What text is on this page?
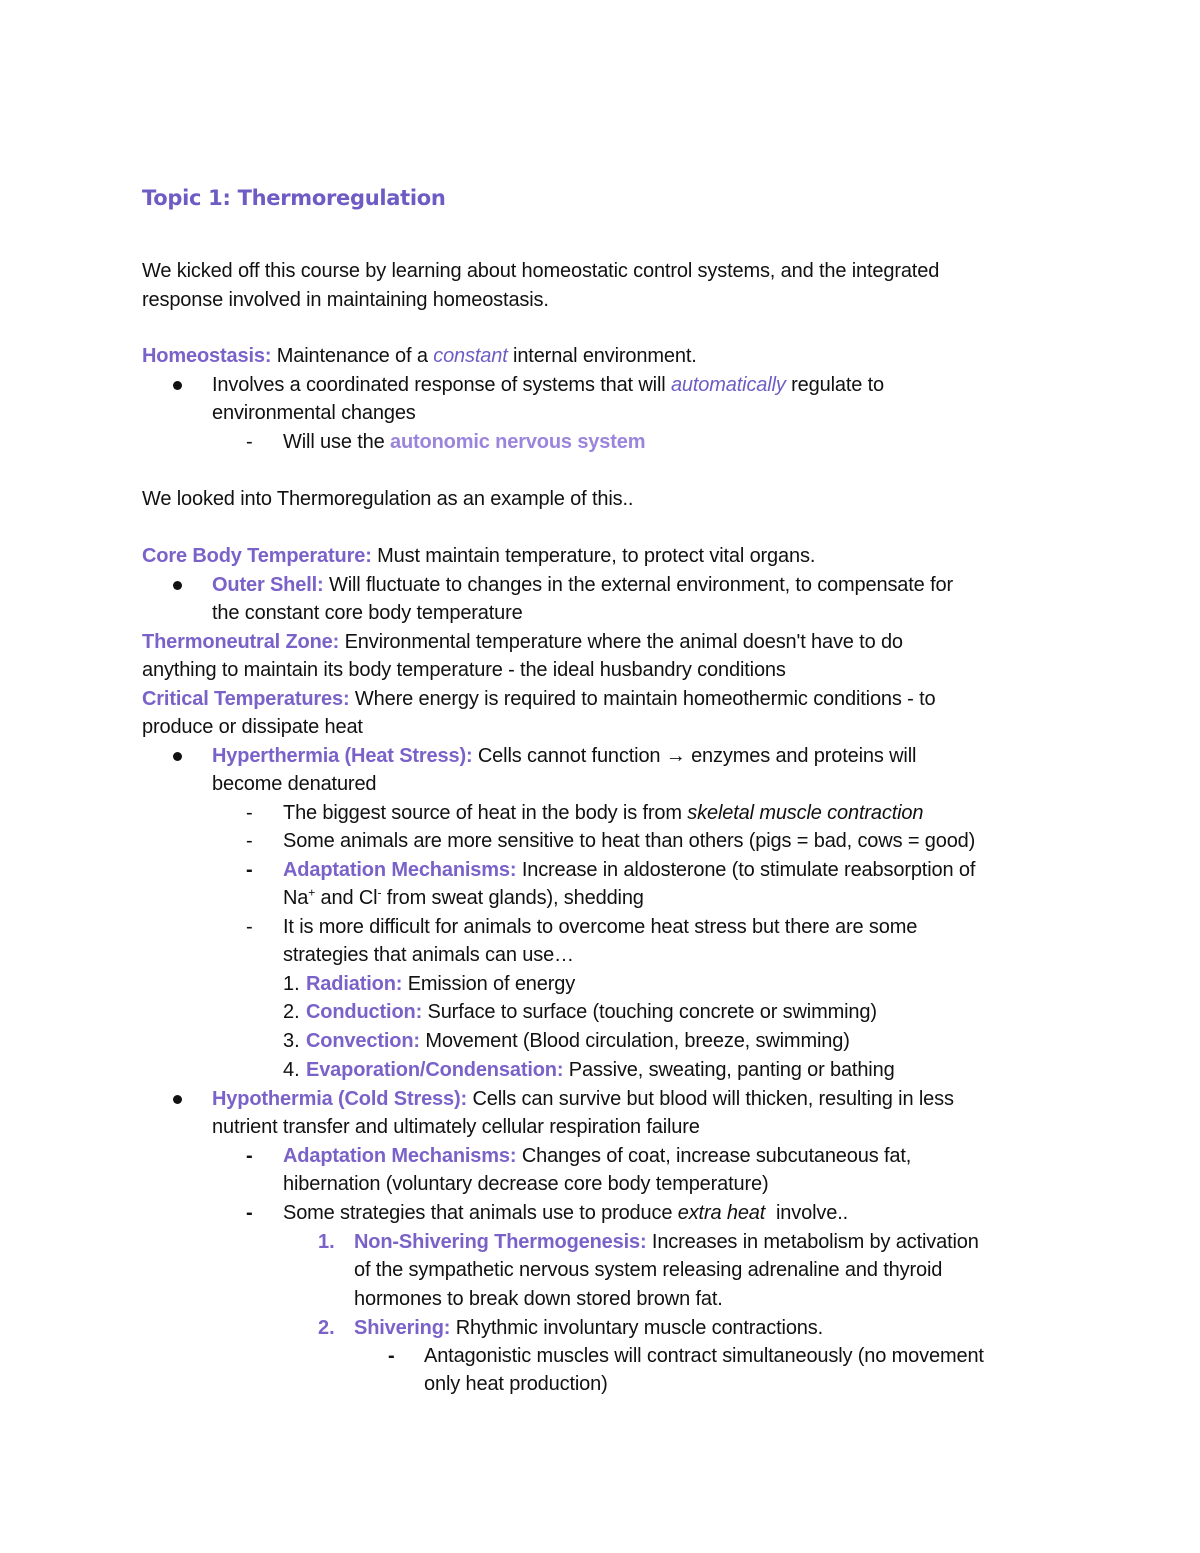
Topic 1: Thermoregulation
We kicked off this course by learning about homeostatic control systems, and the integrated
response involved in maintaining homeostasis.
Homeostasis: Maintenance of a constant internal environment.
Involves a coordinated response of systems that will automatically regulate to
environmental changes
- Will use the autonomic nervous system
We looked into Thermoregulation as an example of this..
Core Body Temperature: Must maintain temperature, to protect vital organs.
Outer Shell: Will fluctuate to changes in the external environment, to compensate for
the constant core body temperature
Thermoneutral Zone: Environmental temperature where the animal doesn't have to do
anything to maintain its body temperature - the ideal husbandry conditions
Critical Temperatures: Where energy is required to maintain homeothermic conditions - to
produce or dissipate heat
Hyperthermia (Heat Stress): Cells cannot function → enzymes and proteins will
become denatured
- The biggest source of heat in the body is from skeletal muscle contraction
- Some animals are more sensitive to heat than others (pigs = bad, cows = good)
- Adaptation Mechanisms: Increase in aldosterone (to stimulate reabsorption of
Na+ and Cl- from sweat glands), shedding
- It is more difficult for animals to overcome heat stress but there are some
strategies that animals can use…
1. Radiation: Emission of energy
2. Conduction: Surface to surface (touching concrete or swimming)
3. Convection: Movement (Blood circulation, breeze, swimming)
4. Evaporation/Condensation: Passive, sweating, panting or bathing
Hypothermia (Cold Stress): Cells can survive but blood will thicken, resulting in less
nutrient transfer and ultimately cellular respiration failure
- Adaptation Mechanisms: Changes of coat, increase subcutaneous fat,
hibernation (voluntary decrease core body temperature)
- Some strategies that animals use to produce extra heat  involve..
1. Non-Shivering Thermogenesis: Increases in metabolism by activation
of the sympathetic nervous system releasing adrenaline and thyroid
hormones to break down stored brown fat.
2. Shivering: Rhythmic involuntary muscle contractions.
- Antagonistic muscles will contract simultaneously (no movement
only heat production)
